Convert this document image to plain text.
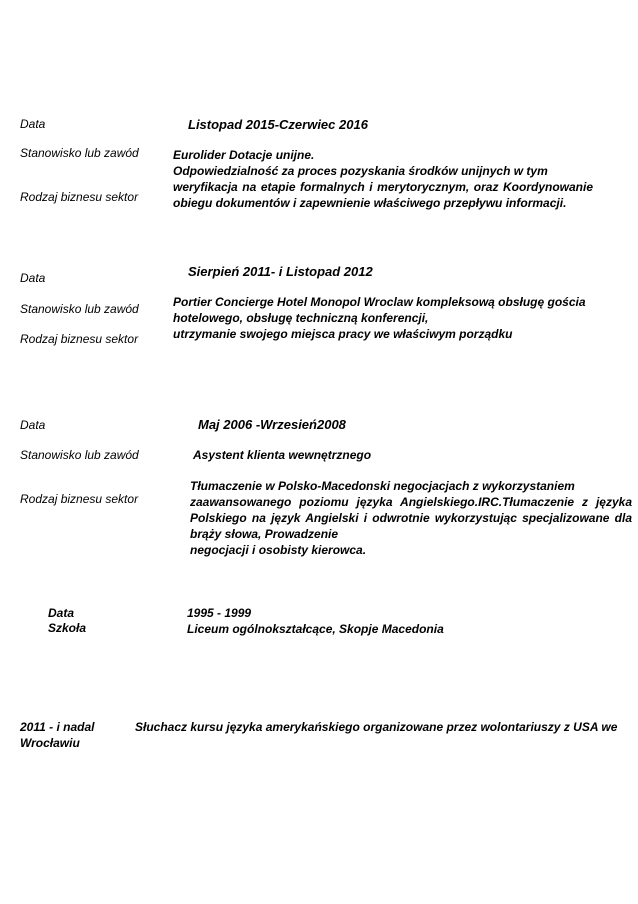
Data
Stanowisko lub zawód
Rodzaj biznesu sektor
Listopad 2015-Czerwiec 2016
Eurolider Dotacje unijne.
Odpowiedzialność za proces pozyskania środków unijnych w tym
weryfikacja na etapie formalnych i merytorycznym, oraz Koordynowanie
obiegu dokumentów i zapewnienie właściwego przepływu informacji.
Data
Stanowisko lub zawód
Rodzaj biznesu sektor
Sierpień 2011- i Listopad 2012
Portier Concierge Hotel Monopol Wroclaw kompleksową obsługę gościa
hotelowego, obsługę techniczną konferencji,
utrzymanie swojego miejsca pracy we właściwym porządku
Data
Stanowisko lub zawód
Rodzaj biznesu sektor
Maj 2006 -Wrzesień2008
Asystent klienta wewnętrznego
Tłumaczenie w Polsko-Macedonski negocjacjach z wykorzystaniem
zaawansowanego poziomu języka Angielskiego.IRC.Tłumaczenie z języka
Polskiego na język Angielski i odwrotnie wykorzystując specjalizowane dla
brąży słowa, Prowadzenie
negocjacji i osobisty kierowca.
Data
Szkoła
1995 - 1999
Liceum ogólnokształcące, Skopje Macedonia
2011 - i nadal
Wrocławiu
Słuchacz kursu języka amerykańskiego organizowane przez wolontariuszy z USA we
